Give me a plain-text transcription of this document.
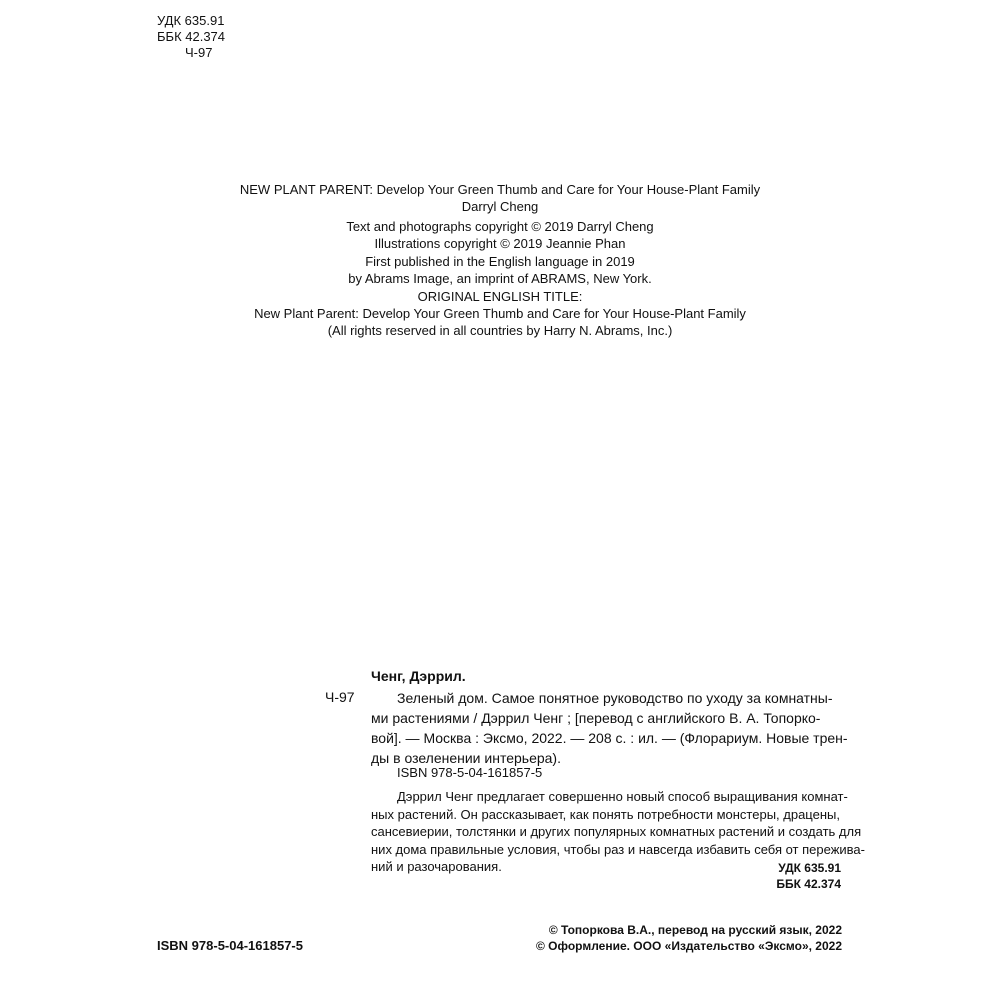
УДК 635.91
ББК 42.374
Ч-97
NEW PLANT PARENT: Develop Your Green Thumb and Care for Your House-Plant Family
Darryl Cheng
Text and photographs copyright © 2019 Darryl Cheng
Illustrations copyright © 2019 Jeannie Phan
First published in the English language in 2019
by Abrams Image, an imprint of ABRAMS, New York.
ORIGINAL ENGLISH TITLE:
New Plant Parent: Develop Your Green Thumb and Care for Your House-Plant Family
(All rights reserved in all countries by Harry N. Abrams, Inc.)
Ченг, Дэррил.
Ч-97	Зеленый дом. Самое понятное руководство по уходу за комнатны-
ми растениями / Дэррил Ченг ; [перевод с английского В. А. Топорко-
вой]. — Москва : Эксмо, 2022. — 208 с. : ил. — (Флорариум. Новые трен-
ды в озеленении интерьера).
ISBN 978-5-04-161857-5
Дэррил Ченг предлагает совершенно новый способ выращивания комнат-
ных растений. Он рассказывает, как понять потребности монстеры, драцены,
сансевиерии, толстянки и других популярных комнатных растений и создать для
них дома правильные условия, чтобы раз и навсегда избавить себя от пережива-
ний и разочарования.	УДК 635.91
ББК 42.374
ISBN 978-5-04-161857-5
© Топоркова В.А., перевод на русский язык, 2022
© Оформление. ООО «Издательство «Эксмо», 2022
